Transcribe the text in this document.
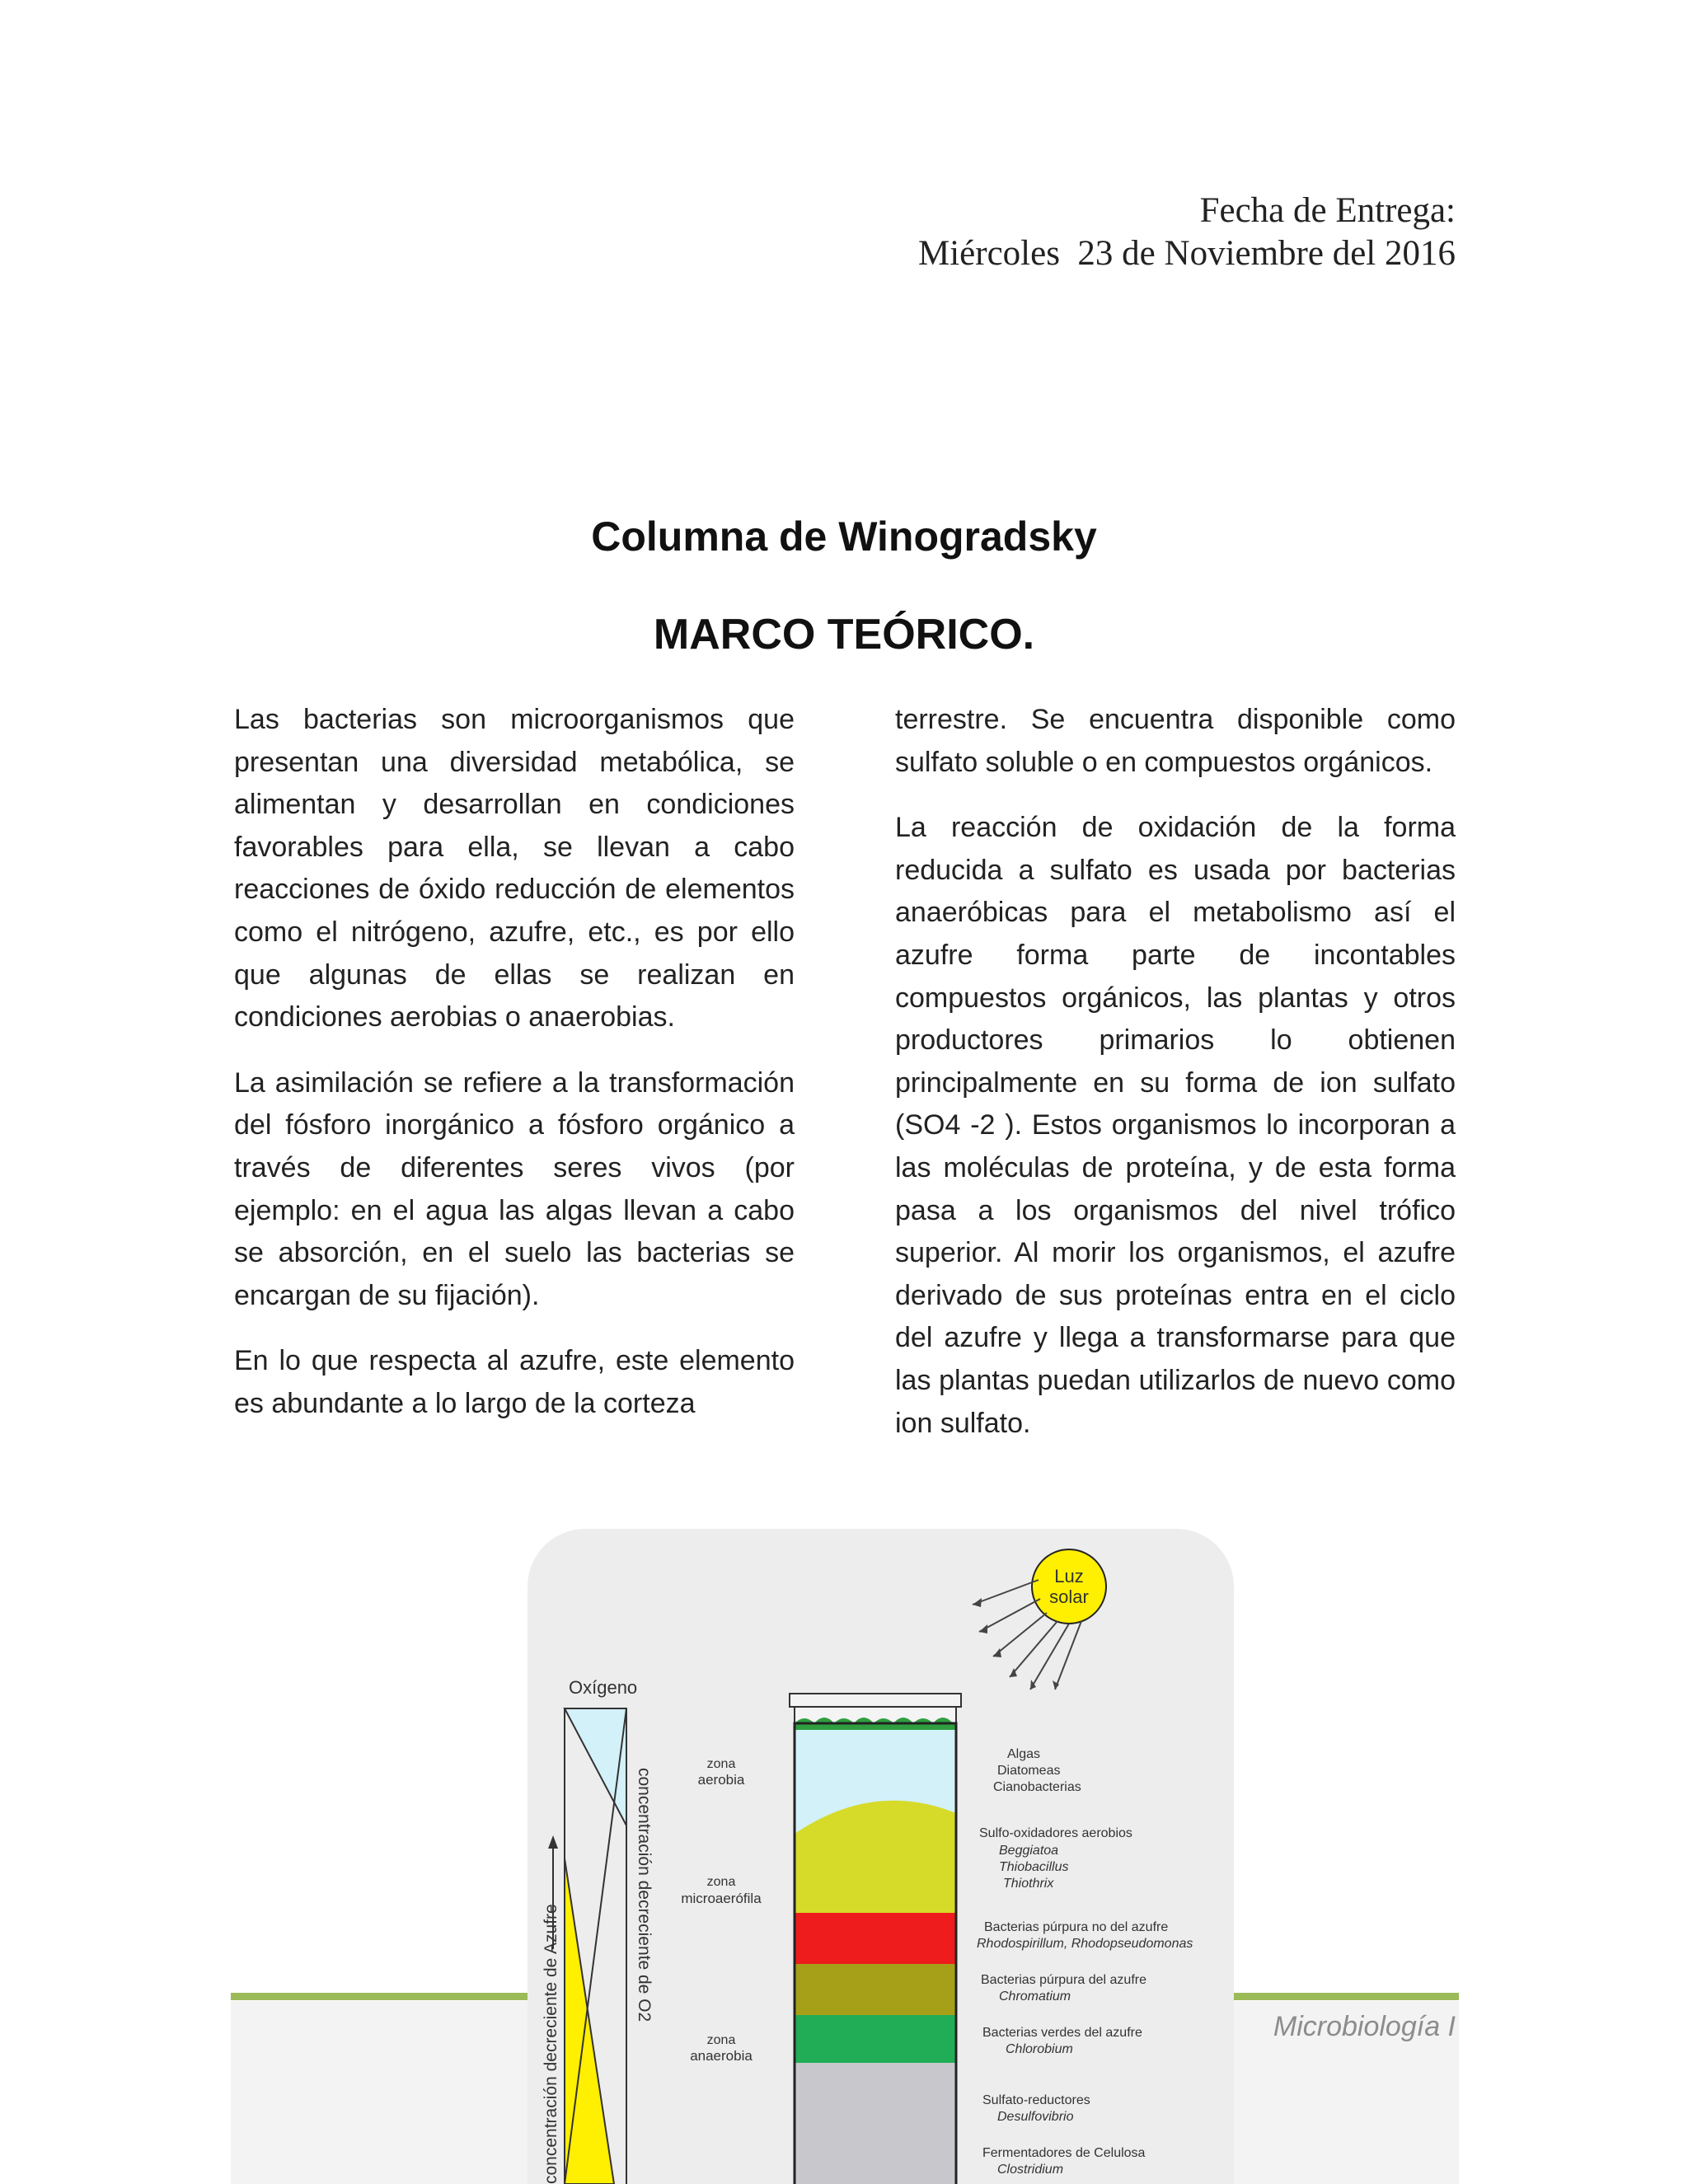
Fecha de Entrega:
Miércoles  23 de Noviembre del 2016
Columna de Winogradsky
MARCO TEÓRICO.

Las bacterias son microorganismos que presentan una diversidad metabólica, se alimentan y desarrollan en condiciones favorables para ella, se llevan a cabo reacciones de óxido reducción de elementos como el nitrógeno, azufre, etc., es por ello que algunas de ellas se realizan en condiciones aerobias o anaerobias.

La asimilación se refiere a la transformación del fósforo inorgánico a fósforo orgánico a través de diferentes seres vivos (por ejemplo: en el agua las algas llevan a cabo se absorción, en el suelo las bacterias se encargan de su fijación).

En lo que respecta al azufre, este elemento es abundante a lo largo de la corteza

terrestre. Se encuentra disponible como sulfato soluble o en compuestos orgánicos.

La reacción de oxidación de la forma reducida a sulfato es usada por bacterias anaeróbicas para el metabolismo así el azufre forma parte de incontables compuestos orgánicos, las plantas y otros productores primarios lo obtienen principalmente en su forma de ion sulfato (SO4 -2 ). Estos organismos lo incorporan a las moléculas de proteína, y de esta forma pasa a los organismos del nivel trófico superior. Al morir los organismos, el azufre derivado de sus proteínas entra en el ciclo del azufre y llega a transformarse para que las plantas puedan utilizarlos de nuevo como ion sulfato.

Microbiología I
Luz
solar
Oxígeno
concentración decreciente de O2
concentración decreciente de Azufre
zona
aerobia
zona
microaerófila
zona
anaerobia
Algas
Diatomeas
Cianobacterias
Sulfo-oxidadores aerobios
Beggiatoa
Thiobacillus
Thiothrix
Bacterias púrpura no del azufre
Rhodospirillum, Rhodopseudomonas
Bacterias púrpura del azufre
Chromatium
Bacterias verdes del azufre
Chlorobium
Sulfato-reductores
Desulfovibrio
Fermentadores de Celulosa
Clostridium
